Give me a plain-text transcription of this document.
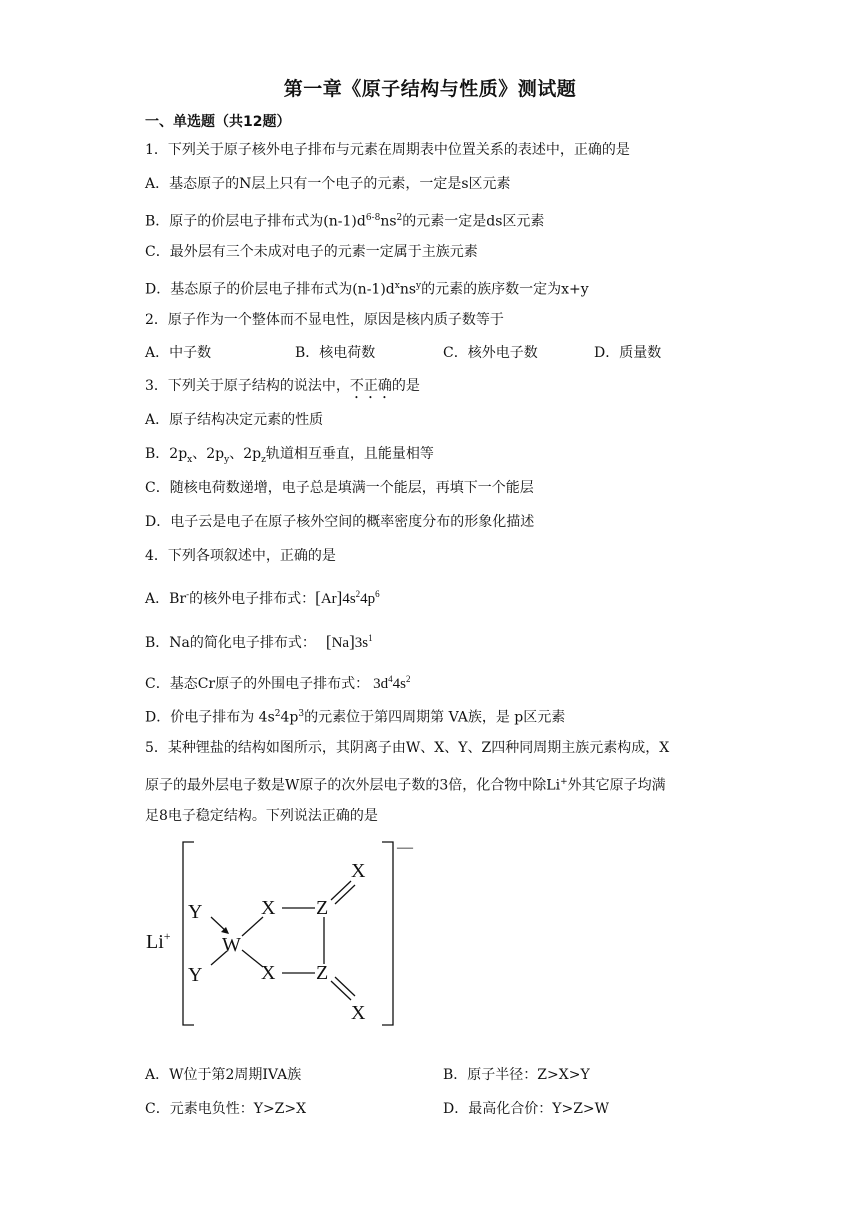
第一章《原子结构与性质》测试题
一、单选题（共12题）
1．下列关于原子核外电子排布与元素在周期表中位置关系的表述中，正确的是
A．基态原子的N层上只有一个电子的元素，一定是s区元素
B．原子的价层电子排布式为$(n-1)d^{6-8}ns^2$的元素一定是ds区元素
C．最外层有三个未成对电子的元素一定属于主族元素
D．基态原子的价层电子排布式为$(n-1)d^xns^y$的元素的族序数一定为x+y
2．原子作为一个整体而不显电性，原因是核内质子数等于
A．中子数	B．核电荷数	C．核外电子数	D．质量数
3．下列关于原子结构的说法中，不正确的是
A．原子结构决定元素的性质
B．$2p_x$、$2p_y$、$2p_z$轨道相互垂直，且能量相等
C．随核电荷数递增，电子总是填满一个能层，再填下一个能层
D．电子云是电子在原子核外空间的概率密度分布的形象化描述
4．下列各项叙述中，正确的是
A．Br-的核外电子排布式：$[Ar]4s^24p^6$
B．Na的简化电子排布式： $[Na]3s^1$
C．基态Cr原子的外围电子排布式： $3d^44s^2$
D．价电子排布为 $4s^24p^3$的元素位于第四周期第 VA族，是 p区元素
5．某种锂盐的结构如图所示，其阴离子由W、X、Y、Z四种同周期主族元素构成，X
原子的最外层电子数是W原子的次外层电子数的3倍，化合物中除Li+外其它原子均满
足8电子稳定结构。下列说法正确的是
Li+
—
Y
Y
W
X
X
Z
Z
X
X
A．W位于第2周期IVA族	B．原子半径：Z>X>Y
C．元素电负性：Y>Z>X	D．最高化合价：Y>Z>W
